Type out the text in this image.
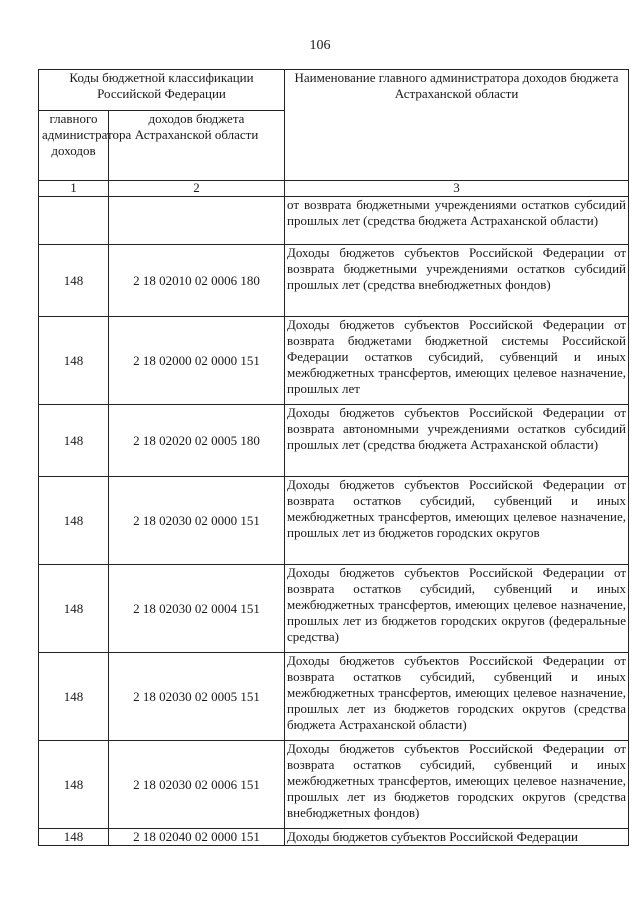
106
Коды бюджетной классификации Российской Федерации		Наименование главного администратора доходов бюджета Астраханской области
главного администратора доходов	доходов бюджета Астраханской области	
1	2	3
		от возврата бюджетными учреждениями остатков субсидий прошлых лет (средства бюджета Астраханской области)
148	2 18 02010 02 0006 180	Доходы бюджетов субъектов Российской Федерации от возврата бюджетными учреждениями остатков субсидий прошлых лет (средства внебюджетных фондов)
148	2 18 02000 02 0000 151	Доходы бюджетов субъектов Российской Федерации от возврата бюджетами бюджетной системы Российской Федерации остатков субсидий, субвенций и иных межбюджетных трансфертов, имеющих целевое назначение, прошлых лет
148	2 18 02020 02 0005 180	Доходы бюджетов субъектов Российской Федерации от возврата автономными учреждениями остатков субсидий прошлых лет (средства бюджета Астраханской области)
148	2 18 02030 02 0000 151	Доходы бюджетов субъектов Российской Федерации от возврата остатков субсидий, субвенций и иных межбюджетных трансфертов, имеющих целевое назначение, прошлых лет из бюджетов городских округов
148	2 18 02030 02 0004 151	Доходы бюджетов субъектов Российской Федерации от возврата остатков субсидий, субвенций и иных межбюджетных трансфертов, имеющих целевое назначение, прошлых лет из бюджетов городских округов (федеральные средства)
148	2 18 02030 02 0005 151	Доходы бюджетов субъектов Российской Федерации от возврата остатков субсидий, субвенций и иных межбюджетных трансфертов, имеющих целевое назначение, прошлых лет из бюджетов городских округов (средства бюджета Астраханской области)
148	2 18 02030 02 0006 151	Доходы бюджетов субъектов Российской Федерации от возврата остатков субсидий, субвенций и иных межбюджетных трансфертов, имеющих целевое назначение, прошлых лет из бюджетов городских округов (средства внебюджетных фондов)
148	2 18 02040 02 0000 151	Доходы бюджетов субъектов Российской Федерации
